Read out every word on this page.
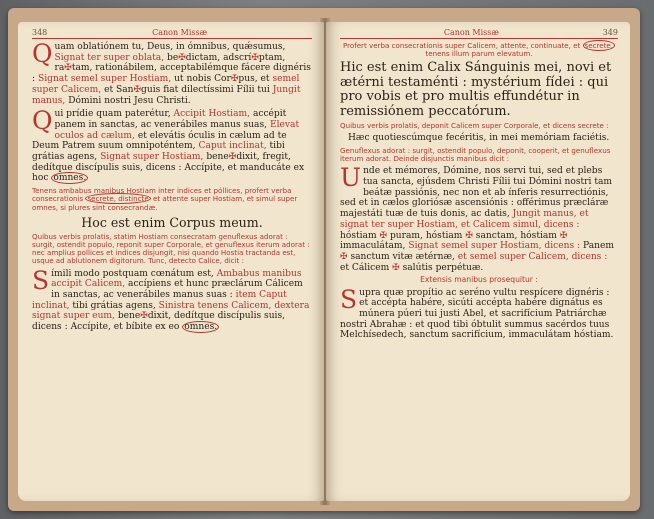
348	Canon Missæ

Quam oblatiónem tu, Deus, in ómnibus, quǽsumus, Signat ter super oblata, be✠dictam, adscrí✠ptam, ra✠tam, rationábilem, acceptabilémque fácere dignéris : Signat semel super Hostiam, ut nobis Cor✠pus, et semel super Calicem, et San✠guis fiat dilectíssimi Fílii tui Jungit manus, Dómini nostri Jesu Christi.

Qui prídie quam paterétur, Accipit Hostiam, accépit panem in sanctas, ac venerábiles manus suas, Elevat oculos ad cælum, et elevátis óculis in cælum ad te Deum Patrem suum omnipoténtem, Caput inclinat, tibi grátias agens, Signat super Hostiam, bene✠dixit, fregit, dedítque discípulis suis, dicens : Accípite, et manducáte ex hoc omnes.

Tenens ambabus manibus Hostiam inter indices et póllices, profert verba consecrationis secrete, distincte et attente super Hostiam, et simul super omnes, si plures sint consecrandæ.

Hoc est enim Corpus meum.

Quibus verbis prolatis, statim Hostiam consecratam genuflexus adorat : surgit, ostendit populo, reponit super Corporale, et genuflexus iterum adorat : nec amplius pollices et indices disjungit, nisi quando Hostia tractanda est, usque ad ablutionem digitorum. Tunc, detecto Calice, dicit :

Símili modo postquam cœnátum est, Ambabus manibus accipit Calicem, accípiens et hunc præclárum Cálicem in sanctas, ac venerábiles manus suas : item Caput inclinat, tibi grátias agens, Sinistra tenens Calicem, dextera signat super eum, bene✠dixit, dedítque discípulis suis, dicens : Accípite, et bíbite ex eo omnes.

Canon Missæ	349

Profert verba consecrationis super Calicem, attente, continuate, et secrete, tenens illum parum elevatum.

Hic est enim Calix Sánguinis mei, novi et ætérni testaménti : mystérium fídei : qui pro vobis et pro multis effundétur in remissiónem peccatórum.

Quibus verbis prolatis, deponit Calicem super Corporale, et dicens secrete :

Hæc quotiescúmque fecéritis, in mei memóriam faciétis.

Genuflexus adorat : surgit, ostendit populo, deponit, cooperit, et genuflexus iterum adorat. Deinde disjunctis manibus dicit :

Unde et mémores, Dómine, nos servi tui, sed et plebs tua sancta, ejúsdem Christi Fílii tui Dómini nostri tam beátæ passiónis, nec non et ab ínferis resurrectiónis, sed et in cælos gloriósæ ascensiónis : offérimus præcláræ majestáti tuæ de tuis donis, ac datis, Jungit manus, et signat ter super Hostiam, et Calicem simul, dicens : hóstiam ✠ puram, hóstiam ✠ sanctam, hóstiam ✠ immaculátam, Signat semel super Hostiam, dicens : Panem ✠ sanctum vitæ ætérnæ, et semel super Calicem, dicens : et Cálicem ✠ salútis perpétuæ.

Extensis manibus prosequitur :

Supra quæ propítio ac seréno vultu respícere dignéris : et accépta habére, sicúti accépta habére dignátus es múnera púeri tui justi Abel, et sacrifícium Patriárchæ nostri Abrahæ : et quod tibi óbtulit summus sacérdos tuus Melchísedech, sanctum sacrifícium, immaculátam hóstiam.
